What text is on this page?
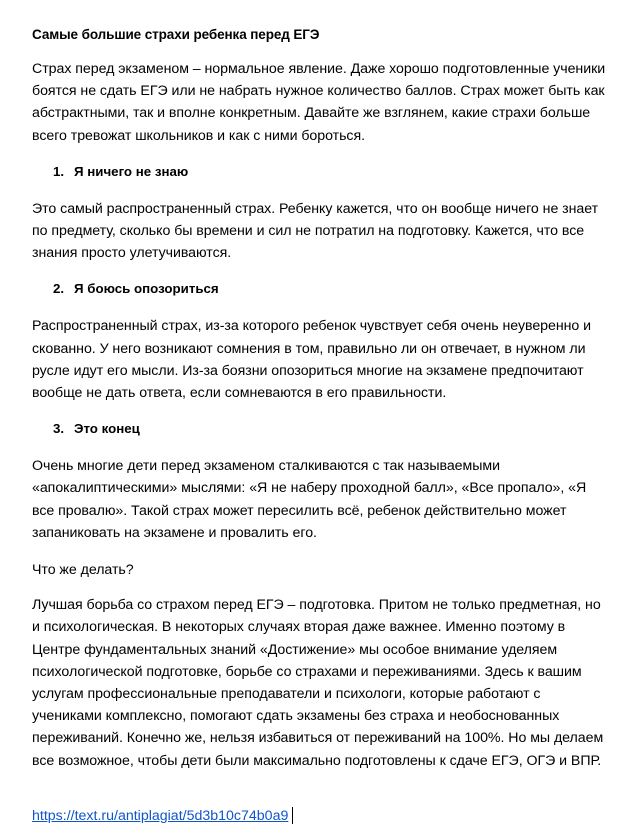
Самые большие страхи ребенка перед ЕГЭ

Страх перед экзаменом – нормальное явление. Даже хорошо подготовленные ученики боятся не сдать ЕГЭ или не набрать нужное количество баллов. Страх может быть как абстрактными, так и вполне конкретным. Давайте же взглянем, какие страхи больше всего тревожат школьников и как с ними бороться.

1. Я ничего не знаю

Это самый распространенный страх. Ребенку кажется, что он вообще ничего не знает по предмету, сколько бы времени и сил не потратил на подготовку. Кажется, что все знания просто улетучиваются.

2. Я боюсь опозориться

Распространенный страх, из-за которого ребенок чувствует себя очень неуверенно и скованно. У него возникают сомнения в том, правильно ли он отвечает, в нужном ли русле идут его мысли. Из-за боязни опозориться многие на экзамене предпочитают вообще не дать ответа, если сомневаются в его правильности.

3. Это конец

Очень многие дети перед экзаменом сталкиваются с так называемыми «апокалиптическими» мыслями: «Я не наберу проходной балл», «Все пропало», «Я все провалю». Такой страх может пересилить всё, ребенок действительно может запаниковать на экзамене и провалить его.

Что же делать?

Лучшая борьба со страхом перед ЕГЭ – подготовка. Притом не только предметная, но и психологическая. В некоторых случаях вторая даже важнее. Именно поэтому в Центре фундаментальных знаний «Достижение» мы особое внимание уделяем психологической подготовке, борьбе со страхами и переживаниями. Здесь к вашим услугам профессиональные преподаватели и психологи, которые работают с учениками комплексно, помогают сдать экзамены без страха и необоснованных переживаний. Конечно же, нельзя избавиться от переживаний на 100%. Но мы делаем все возможное, чтобы дети были максимально подготовлены к сдаче ЕГЭ, ОГЭ и ВПР.

https://text.ru/antiplagiat/5d3b10c74b0a9
